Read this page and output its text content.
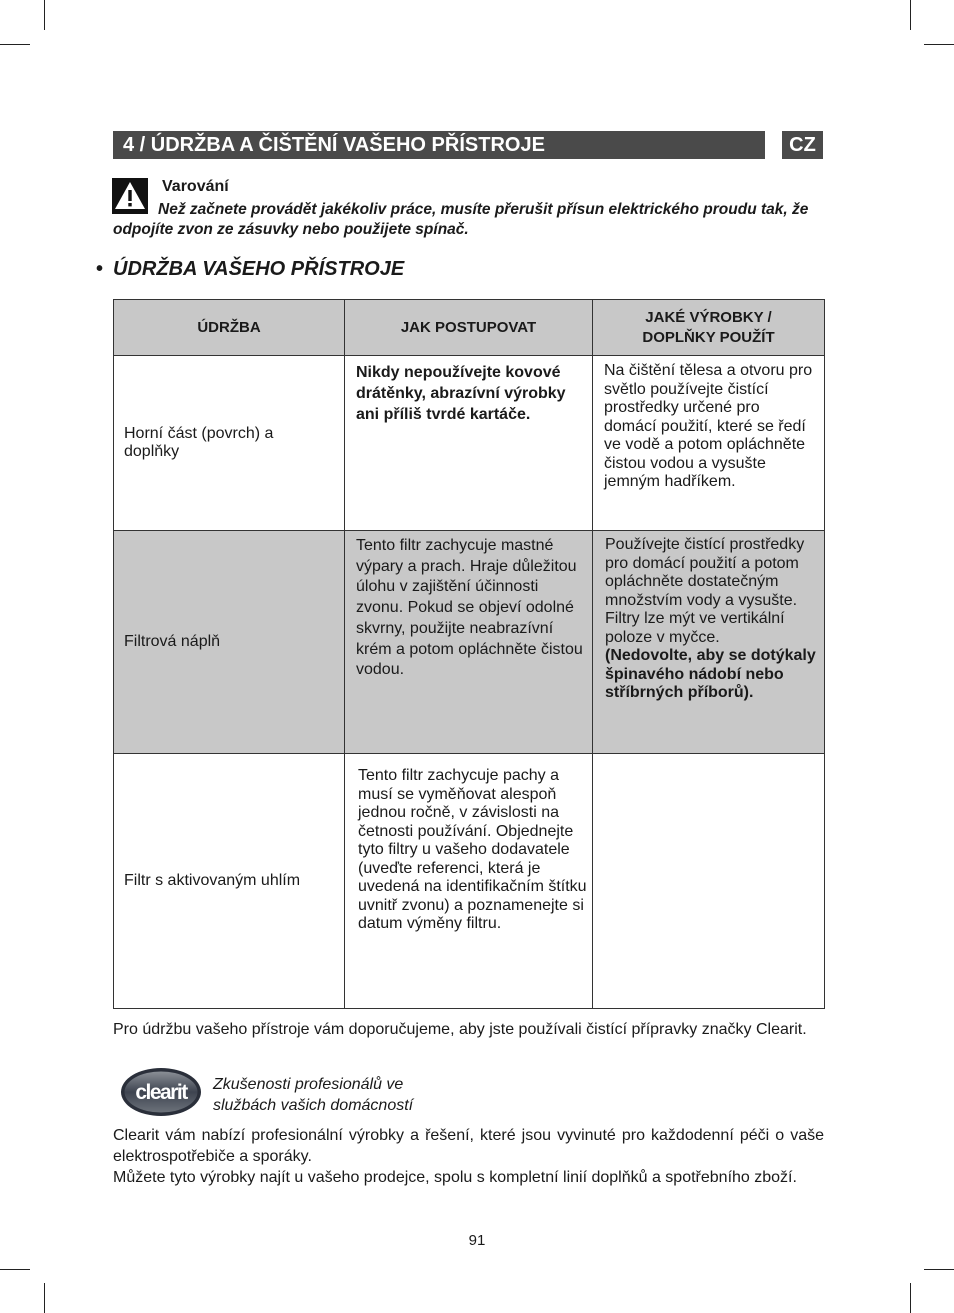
4 / ÚDRŽBA A ČIŠTĚNÍ VAŠEHO PŘÍSTROJE	CZ
Varování
Než začnete provádět jakékoliv práce, musíte přerušit přísun elektrického proudu tak, že odpojíte zvon ze zásuvky nebo použijete spínač.
• ÚDRŽBA VAŠEHO PŘÍSTROJE
ÚDRŽBA	JAK POSTUPOVAT	JAKÉ VÝROBKY / DOPLŇKY POUŽÍT

Horní část (povrch) a doplňky	Nikdy nepoužívejte kovové drátěnky, abrazívní výrobky ani příliš tvrdé kartáče.	Na čištění tělesa a otvoru pro světlo používejte čistící prostředky určené pro domácí použití, které se ředí ve vodě a potom opláchněte čistou vodou a vysušte jemným hadříkem.

Filtrová náplň	Tento filtr zachycuje mastné výpary a prach. Hraje důležitou úlohu v zajištění účinnosti zvonu. Pokud se objeví odolné skvrny, použijte neabrazívní krém a potom opláchněte čistou vodou.	Používejte čistící prostředky pro domácí použití a potom opláchněte dostatečným množstvím vody a vysušte. Filtry lze mýt ve vertikální poloze v myčce.
(Nedovolte, aby se dotýkaly špinavého nádobí nebo stříbrných příborů).

Filtr s aktivovaným uhlím	Tento filtr zachycuje pachy a musí se vyměňovat alespoň jednou ročně, v závislosti na četnosti používání. Objednejte tyto filtry u vašeho dodavatele (uveďte referenci, která je uvedená na identifikačním štítku uvnitř zvonu) a poznamenejte si datum výměny filtru.	

Pro údržbu vašeho přístroje vám doporučujeme, aby jste používali čistící přípravky značky Clearit.
clearit Zkušenosti profesionálů ve službách vašich domácností
Clearit vám nabízí profesionální výrobky a řešení, které jsou vyvinuté pro každodenní péči o vaše elektrospotřebiče a sporáky.
Můžete tyto výrobky najít u vašeho prodejce, spolu s kompletní linií doplňků a spotřebního zboží.
91
